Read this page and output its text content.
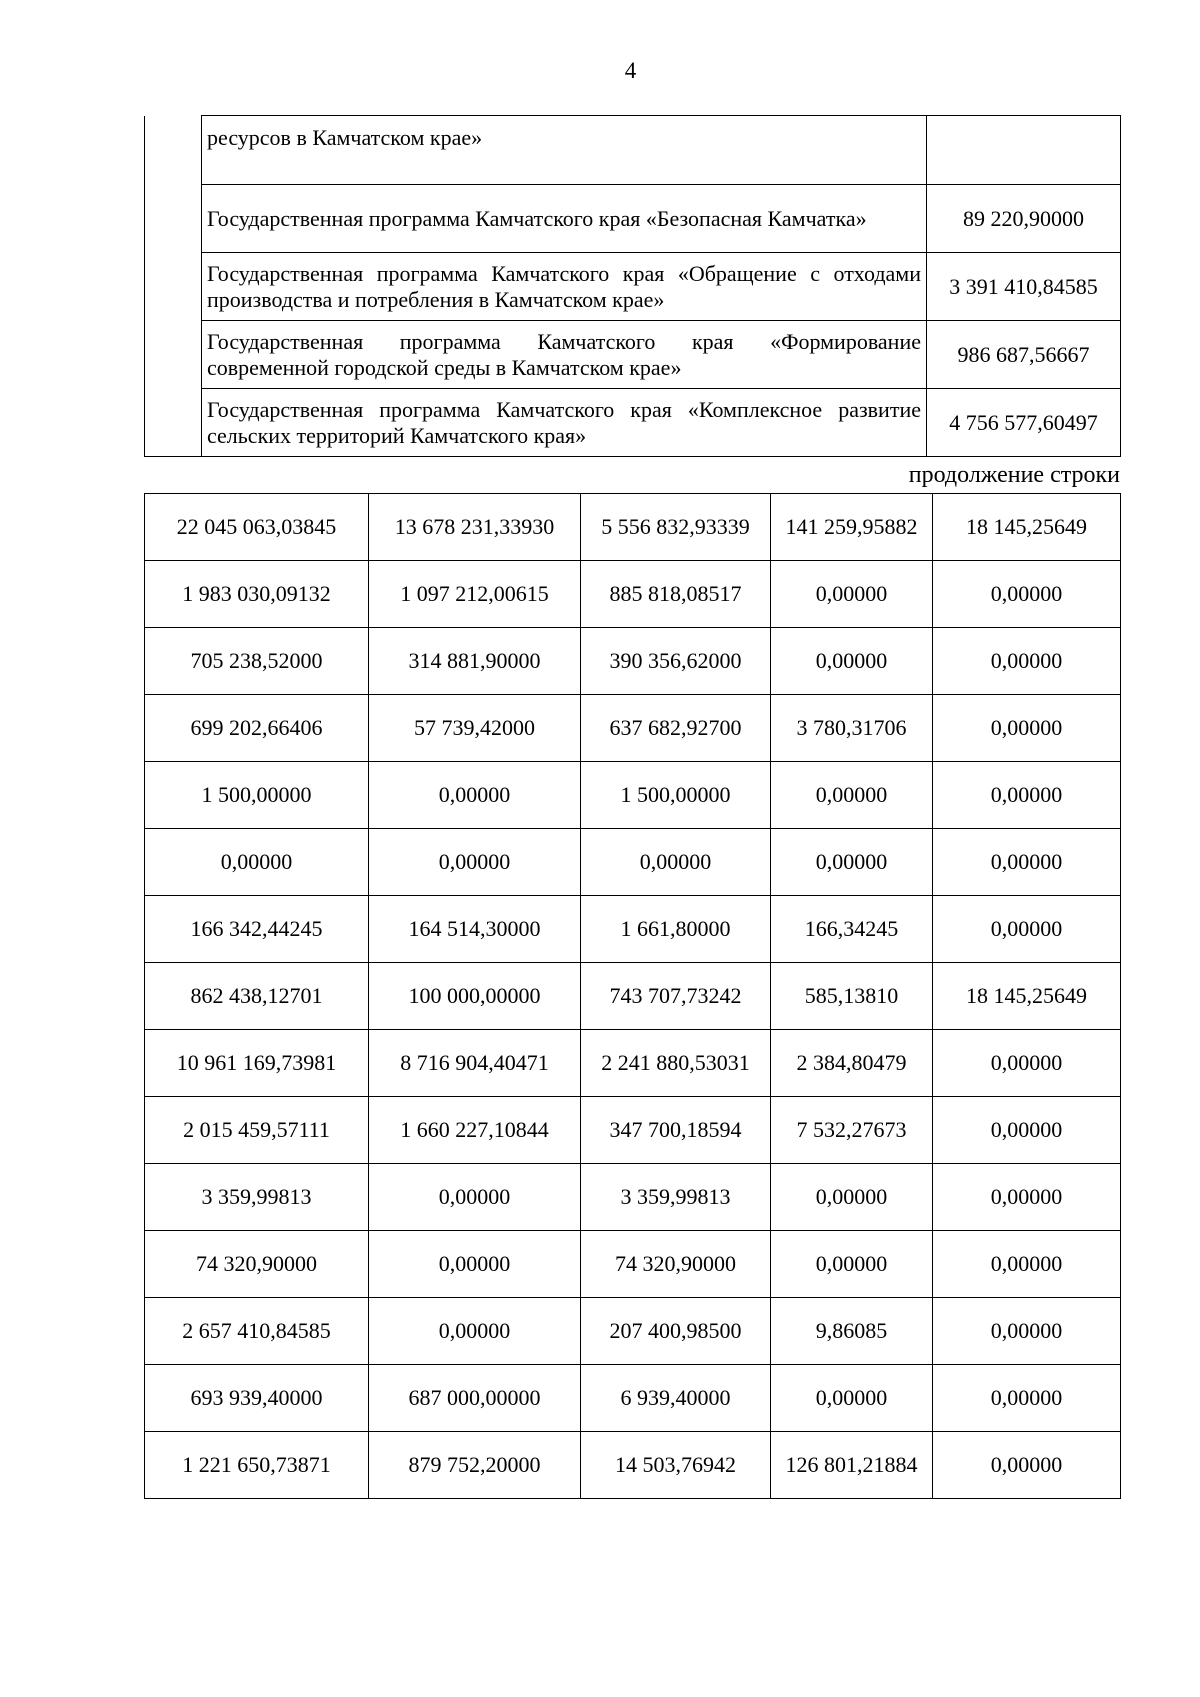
4

	ресурсов в Камчатском крае»	

	Государственная программа Камчатского края «Безопасная Камчатка»	89 220,90000

	Государственная программа Камчатского края «Обращение с отходами производства и потребления в Камчатском крае»	3 391 410,84585

	Государственная программа Камчатского края «Формирование современной городской среды в Камчатском крае»	986 687,56667

	Государственная программа Камчатского края «Комплексное развитие сельских территорий Камчатского края»	4 756 577,60497
продолжение строки
22 045 063,03845	13 678 231,33930	5 556 832,93339	141 259,95882	18 145,25649
1 983 030,09132	1 097 212,00615	885 818,08517	0,00000	0,00000
705 238,52000	314 881,90000	390 356,62000	0,00000	0,00000
699 202,66406	57 739,42000	637 682,92700	3 780,31706	0,00000
1 500,00000	0,00000	1 500,00000	0,00000	0,00000
0,00000	0,00000	0,00000	0,00000	0,00000
166 342,44245	164 514,30000	1 661,80000	166,34245	0,00000
862 438,12701	100 000,00000	743 707,73242	585,13810	18 145,25649
10 961 169,73981	8 716 904,40471	2 241 880,53031	2 384,80479	0,00000
2 015 459,57111	1 660 227,10844	347 700,18594	7 532,27673	0,00000
3 359,99813	0,00000	3 359,99813	0,00000	0,00000
74 320,90000	0,00000	74 320,90000	0,00000	0,00000
2 657 410,84585	0,00000	207 400,98500	9,86085	0,00000
693 939,40000	687 000,00000	6 939,40000	0,00000	0,00000
1 221 650,73871	879 752,20000	14 503,76942	126 801,21884	0,00000
